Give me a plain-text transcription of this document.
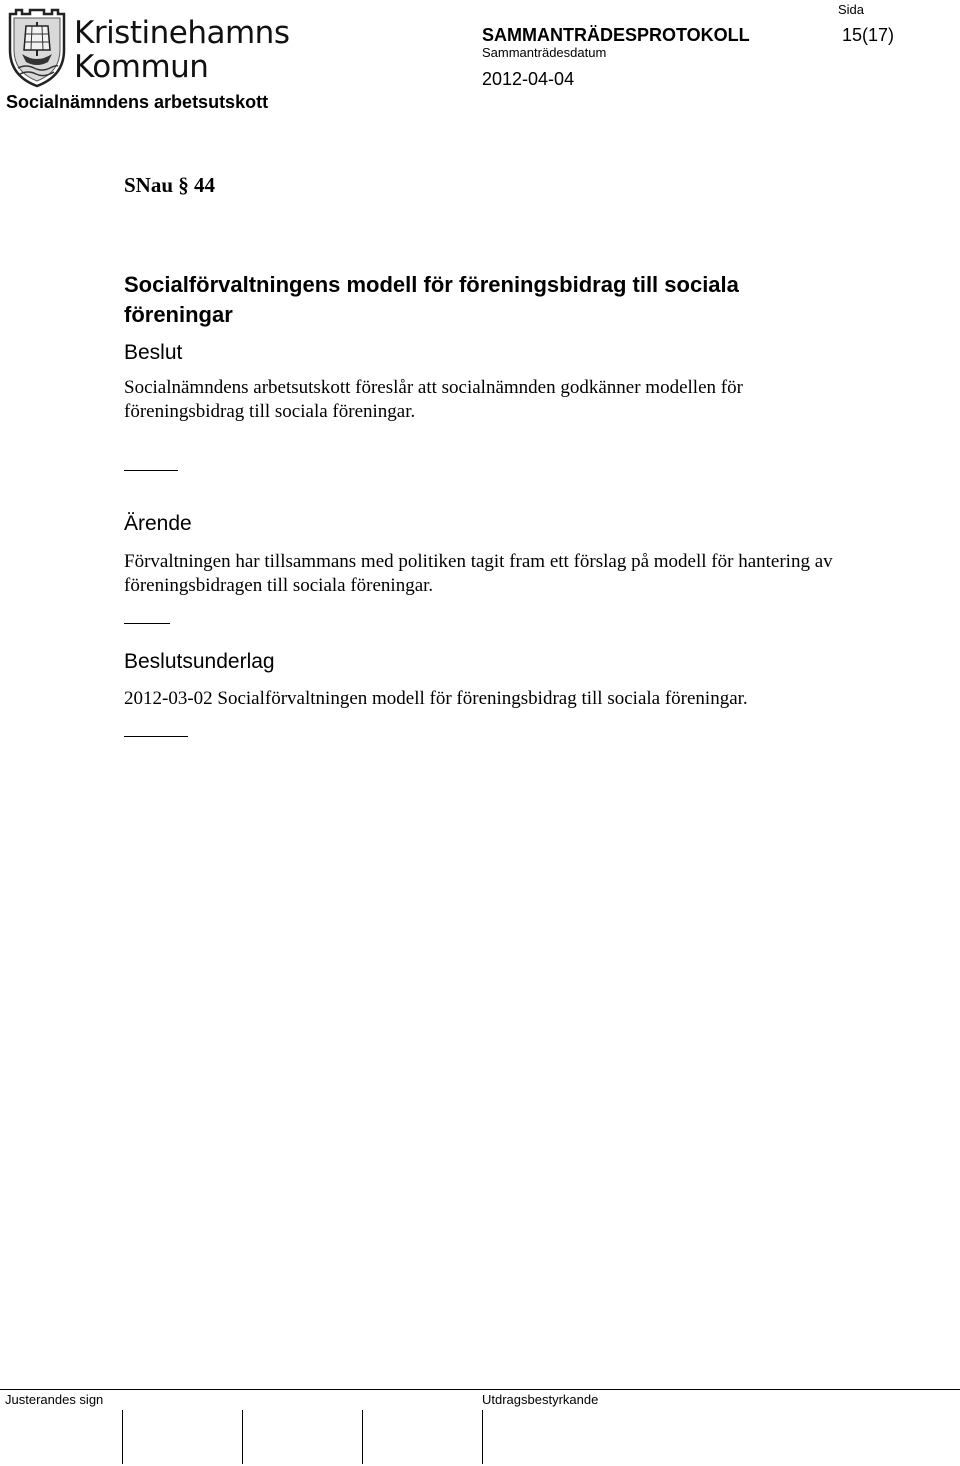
Kristinehamns
Kommun
Socialnämndens arbetsutskott
SAMMANTRÄDESPROTOKOLL
Sammanträdesdatum
2012-04-04
Sida
15(17)
SNau § 44
Socialförvaltningens modell för föreningsbidrag till sociala föreningar
Beslut
Socialnämndens arbetsutskott föreslår att socialnämnden godkänner modellen för föreningsbidrag till sociala föreningar.
Ärende
Förvaltningen har tillsammans med politiken tagit fram ett förslag på modell för hantering av föreningsbidragen till sociala föreningar.
Beslutsunderlag
2012-03-02 Socialförvaltningen modell för föreningsbidrag till sociala föreningar.
Justerandes sign	Utdragsbestyrkande
